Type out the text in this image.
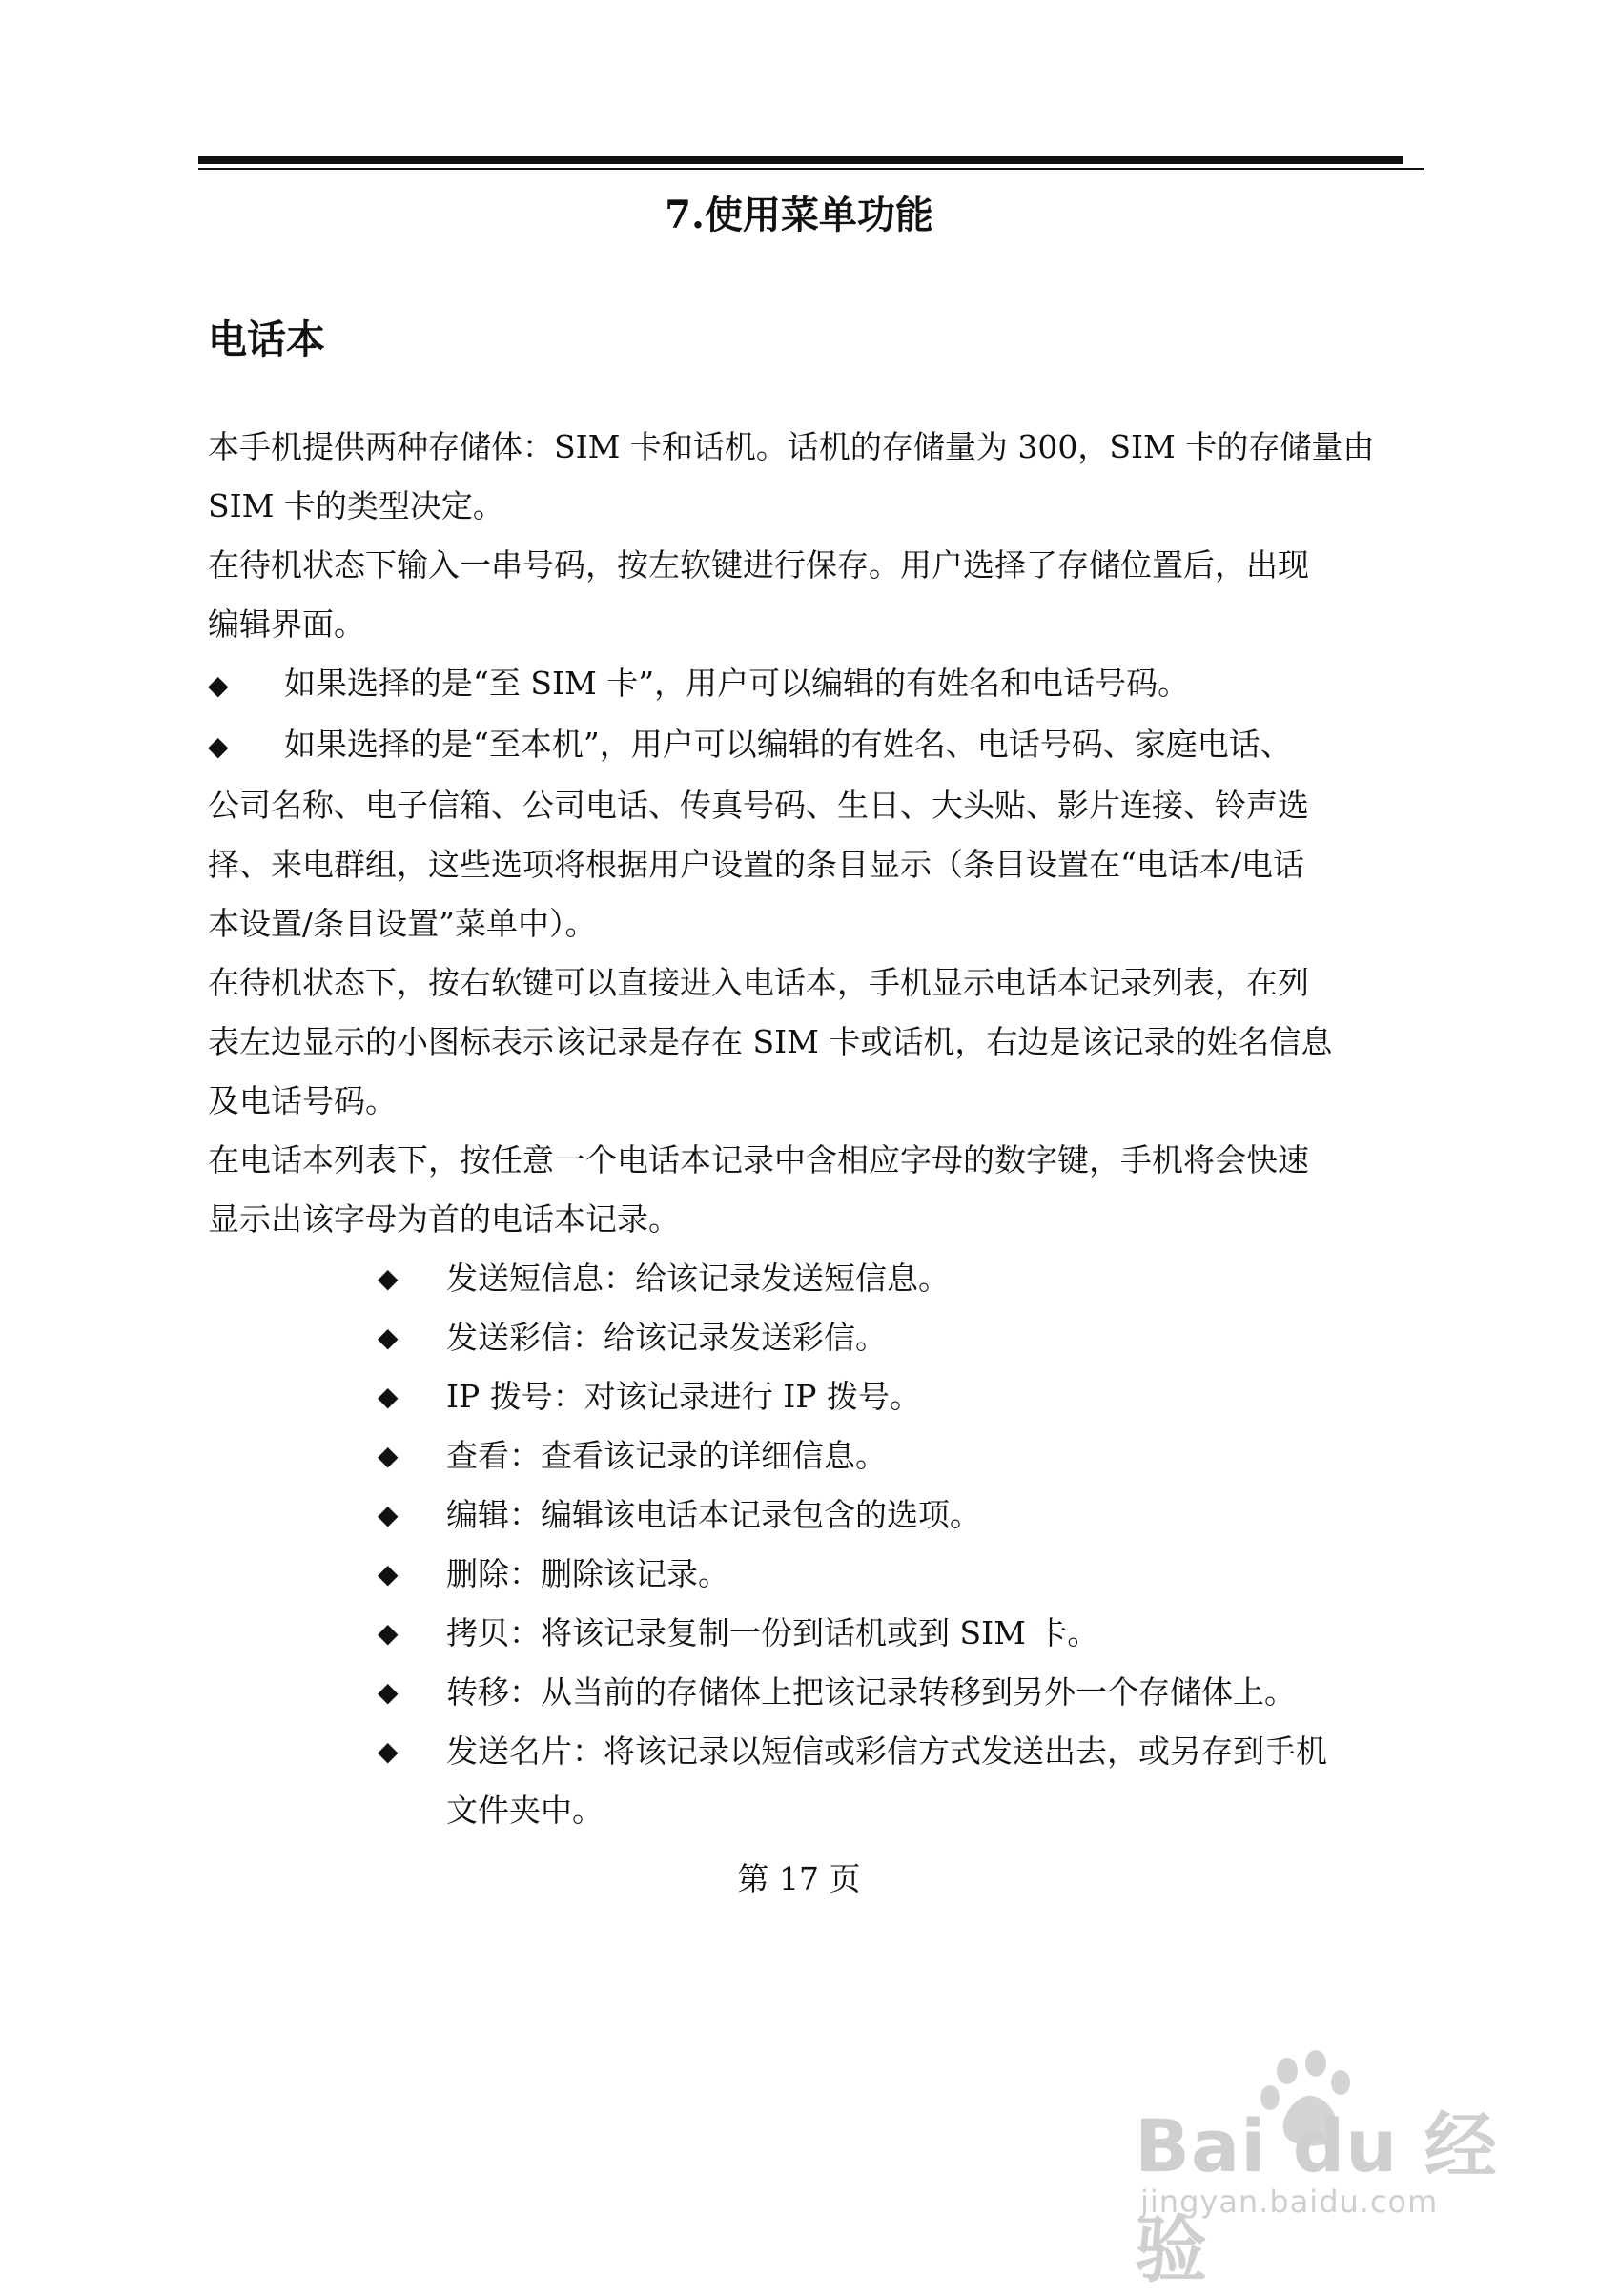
7.使用菜单功能
电话本

本手机提供两种存储体：SIM 卡和话机。话机的存储量为 300，SIM 卡的存储量由

SIM 卡的类型决定。

在待机状态下输入一串号码，按左软键进行保存。用户选择了存储位置后，出现

编辑界面。

◆ 如果选择的是“至 SIM 卡”，用户可以编辑的有姓名和电话号码。

◆ 如果选择的是“至本机”，用户可以编辑的有姓名、电话号码、家庭电话、

公司名称、电子信箱、公司电话、传真号码、生日、大头贴、影片连接、铃声选

择、来电群组，这些选项将根据用户设置的条目显示（条目设置在“电话本/电话

本设置/条目设置”菜单中）。

在待机状态下，按右软键可以直接进入电话本，手机显示电话本记录列表，在列

表左边显示的小图标表示该记录是存在 SIM 卡或话机，右边是该记录的姓名信息

及电话号码。

在电话本列表下，按任意一个电话本记录中含相应字母的数字键，手机将会快速

显示出该字母为首的电话本记录。

◆ 发送短信息：给该记录发送短信息。

◆ 发送彩信：给该记录发送彩信。

◆ IP 拨号：对该记录进行 IP 拨号。

◆ 查看：查看该记录的详细信息。

◆ 编辑：编辑该电话本记录包含的选项。

◆ 删除：删除该记录。

◆ 拷贝：将该记录复制一份到话机或到 SIM 卡。

◆ 转移：从当前的存储体上把该记录转移到另外一个存储体上。

◆ 发送名片：将该记录以短信或彩信方式发送出去，或另存到手机
文件夹中。

第 17 页
Bai du 经验
jingyan.baidu.com
